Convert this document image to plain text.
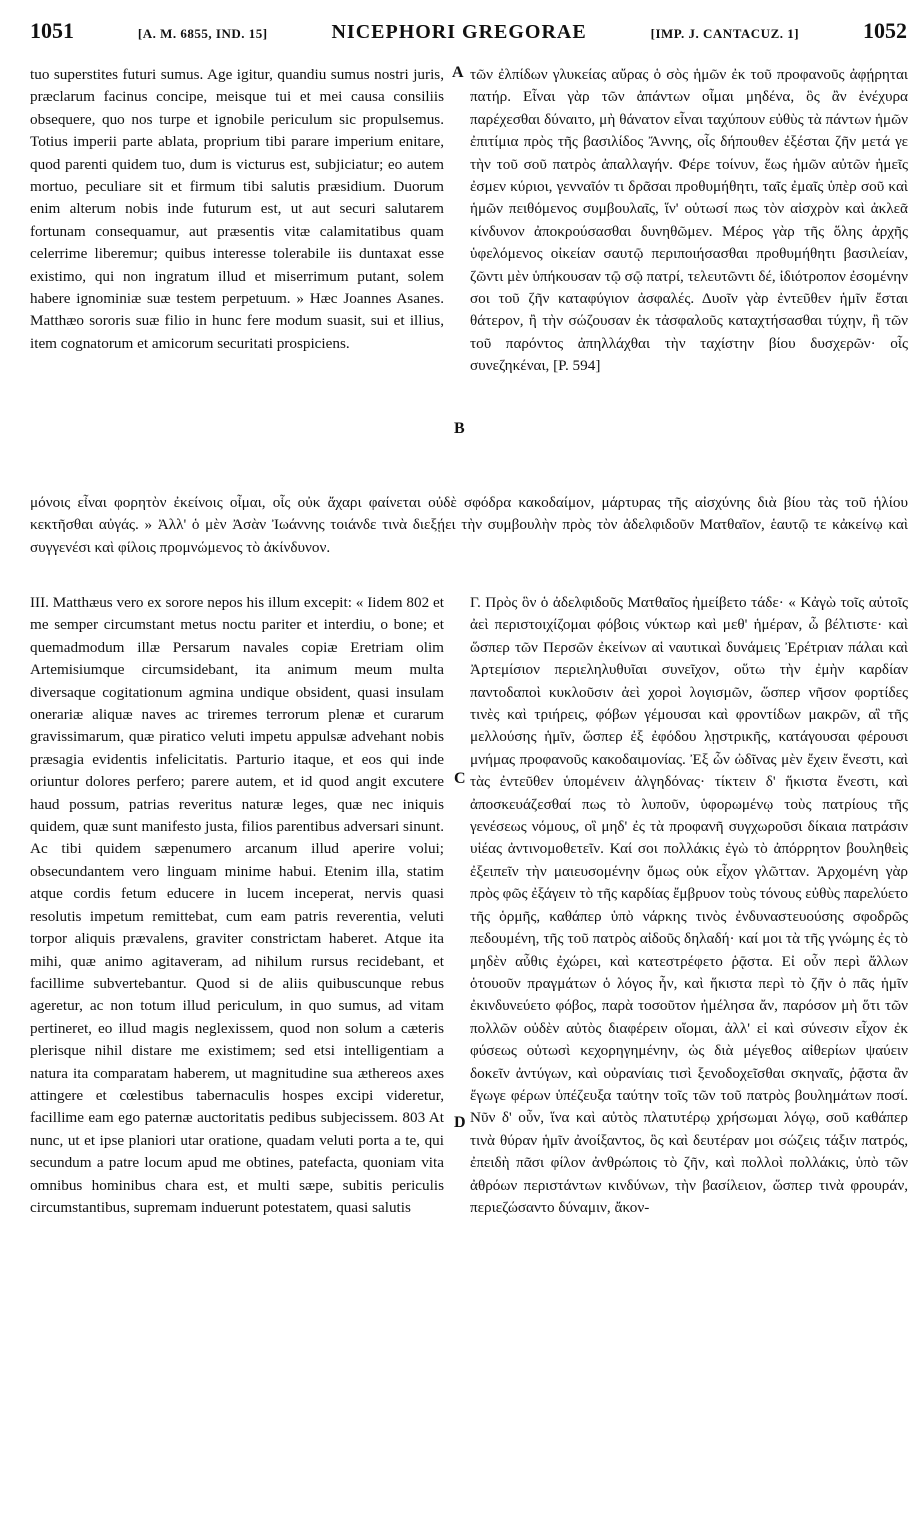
1051	[A. M. 6855, IND. 15]	NICEPHORI GREGORAE	[IMP. J. CANTACUZ. 1]	1052

tuo superstites futuri sumus. Age igitur, quandiu sumus nostri juris, præclarum facinus concipe, meisque tui et mei causa consiliis obsequere, quo nos turpe et ignobile periculum sic propulsemus. Totius imperii parte ablata, proprium tibi parare imperium enitare, quod parenti quidem tuo, dum is victurus est, subjiciatur; eo autem mortuo, peculiare sit et firmum tibi salutis præsidium. Duorum enim alterum nobis inde futurum est, ut aut securi salutarem fortunam consequamur, aut præsentis vitæ calamitatibus quam celerrime liberemur; quibus interesse tolerabile iis duntaxat esse existimo, qui non ingratum illud et miserrimum putant, solem habere ignominiæ suæ testem perpetuum. » Hæc Joannes Asanes. Matthæo sororis suæ filio in hunc fere modum suasit, sui et illius, item cognatorum et amicorum securitati prospiciens.

τῶν ἐλπίδων γλυκείας αὔρας ὁ σὸς ἡμῶν ἐκ τοῦ προφανοῦς ἀφῄρηται πατήρ. Εἶναι γὰρ τῶν ἀπάντων οἶμαι μηδένα, ὃς ἂν ἐνέχυρα παρέχεσθαι δύναιτο, μὴ θάνατον εἶναι ταχύπουν εὐθὺς τὰ πάντων ἡμῶν ἐπιτίμια πρὸς τῆς βασιλίδος Ἄννης, οἷς δήπουθεν ἐξέσται ζῆν μετά γε τὴν τοῦ σοῦ πατρὸς ἀπαλλαγήν. Φέρε τοίνυν, ἕως ἡμῶν αὐτῶν ἡμεῖς ἐσμεν κύριοι, γενναῖόν τι δρᾶσαι προθυμήθητι, ταῖς ἐμαῖς ὑπὲρ σοῦ καὶ ἡμῶν πειθόμενος συμβουλαῖς, ἵν' οὑτωσί πως τὸν αἰσχρὸν καὶ ἀκλεᾶ κίνδυνον ἀποκρούσασθαι δυνηθῶμεν. Μέρος γὰρ τῆς ὅλης ἀρχῆς ὑφελόμενος οἰκείαν σαυτῷ περιποιήσασθαι προθυμήθητι βασιλείαν, ζῶντι μὲν ὑπήκουσαν τῷ σῷ πατρί, τελευτῶντι δέ, ἰδιότροπον ἐσομένην σοι τοῦ ζῆν καταφύγιον ἀσφαλές. Δυοῖν γὰρ ἐντεῦθεν ἡμῖν ἔσται θάτερον, ἢ τὴν σώζουσαν ἐκ τἀσφαλοῦς καταχτήσασθαι τύχην, ἢ τῶν τοῦ παρόντος ἀπηλλάχθαι τὴν ταχίστην βίου δυσχερῶν· οἷς συνεζηκέναι, [P. 594]

μόνοις εἶναι φορητὸν ἐκείνοις οἶμαι, οἷς οὐκ ἄχαρι φαίνεται οὐδὲ σφόδρα κακοδαίμον, μάρτυρας τῆς αἰσχύνης διὰ βίου τὰς τοῦ ἡλίου κεκτῆσθαι αὐγάς. » Ἀλλ' ὁ μὲν Ἀσὰν Ἰωάννης τοιάνδε τινὰ διεξῄει τὴν συμβουλὴν πρὸς τὸν ἀδελφιδοῦν Ματθαῖον, ἑαυτῷ τε κἀκείνῳ καὶ συγγενέσι καὶ φίλοις προμνώμενος τὸ ἀκίνδυνον.

III. Matthæus vero ex sorore nepos his illum excepit: « Iidem 802 et me semper circumstant metus noctu pariter et interdiu, o bone; et quemadmodum illæ Persarum navales copiæ Eretriam olim Artemisiumque circumsidebant, ita animum meum multa diversaque cogitationum agmina undique obsident, quasi insulam onerariæ aliquæ naves ac triremes terrorum plenæ et curarum gravissimarum, quæ piratico veluti impetu appulsæ advehant nobis præsagia evidentis infelicitatis. Parturio itaque, et eos qui inde oriuntur dolores perfero; parere autem, et id quod angit excutere haud possum, patrias reveritus naturæ leges, quæ nec iniquis quidem, quæ sunt manifesto justa, filios parentibus adversari sinunt. Ac tibi quidem sæpenumero arcanum illud aperire volui; obsecundantem vero linguam minime habui. Etenim illa, statim atque cordis fetum educere in lucem inceperat, nervis quasi resolutis impetum remittebat, cum eam patris reverentia, veluti torpor aliquis prævalens, graviter constrictam haberet. Atque ita mihi, quæ animo agitaveram, ad nihilum rursus recidebant, et facillime subvertebantur. Quod si de aliis quibuscunque rebus ageretur, ac non totum illud periculum, in quo sumus, ad vitam pertineret, eo illud magis neglexissem, quod non solum a cæteris plerisque nihil distare me existimem; sed etsi intelligentiam a natura ita comparatam haberem, ut magnitudine sua æthereos axes attingere et cœlestibus tabernaculis hospes excipi videretur, facillime eam ego paternæ auctoritatis pedibus subjecissem. 803 At nunc, ut et ipse planiori utar oratione, quadam veluti porta a te, qui secundum a patre locum apud me obtines, patefacta, quoniam vita omnibus hominibus chara est, et multi sæpe, subitis periculis circumstantibus, supremam induerunt potestatem, quasi salutis

Γ. Πρὸς ὃν ὁ ἀδελφιδοῦς Ματθαῖος ἠμείβετο τάδε· « Κἀγὼ τοῖς αὐτοῖς ἀεὶ περιστοιχίζομαι φόβοις νύκτωρ καὶ μεθ' ἡμέραν, ὦ βέλτιστε· καὶ ὥσπερ τῶν Περσῶν ἐκείνων αἱ ναυτικαὶ δυνάμεις Ἐρέτριαν πάλαι καὶ Ἀρτεμίσιον περιεληλυθυῖαι συνεῖχον, οὕτω τὴν ἐμὴν καρδίαν παντοδαποὶ κυκλοῦσιν ἀεὶ χοροὶ λογισμῶν, ὥσπερ νῆσον φορτίδες τινὲς καὶ τριήρεις, φόβων γέμουσαι καὶ φροντίδων μακρῶν, αἳ τῆς μελλούσης ἡμῖν, ὥσπερ ἐξ ἐφόδου λῃστρικῆς, κατάγουσαι φέρουσι μνήμας προφανοῦς κακοδαιμονίας. Ἐξ ὧν ὠδῖνας μὲν ἔχειν ἔνεστι, καὶ τὰς ἐντεῦθεν ὑπομένειν ἀλγηδόνας· τίκτειν δ' ἥκιστα ἔνεστι, καὶ ἀποσκευάζεσθαί πως τὸ λυποῦν, ὑφορωμένῳ τοὺς πατρίους τῆς γενέσεως νόμους, οἳ μηδ' ἐς τὰ προφανῆ συγχωροῦσι δίκαια πατράσιν υἱέας ἀντινομοθετεῖν. Καί σοι πολλάκις ἐγὼ τὸ ἀπόρρητον βουληθεὶς ἐξειπεῖν τὴν μαιευσομένην ὅμως οὐκ εἶχον γλῶτταν. Ἀρχομένη γὰρ πρὸς φῶς ἐξάγειν τὸ τῆς καρδίας ἔμβρυον τοὺς τόνους εὐθὺς παρελύετο τῆς ὁρμῆς, καθάπερ ὑπὸ νάρκης τινὸς ἐνδυναστευούσης σφοδρῶς πεδουμένη, τῆς τοῦ πατρὸς αἰδοῦς δηλαδή· καί μοι τὰ τῆς γνώμης ἐς τὸ μηδὲν αὖθις ἐχώρει, καὶ κατεστρέφετο ῥᾷστα. Εἰ οὖν περὶ ἄλλων ὁτουοῦν πραγμάτων ὁ λόγος ἦν, καὶ ἥκιστα περὶ τὸ ζῆν ὁ πᾶς ἡμῖν ἐκινδυνεύετο φόβος, παρὰ τοσοῦτον ἠμέλησα ἄν, παρόσον μὴ ὅτι τῶν πολλῶν οὐδὲν αὐτὸς διαφέρειν οἴομαι, ἀλλ' εἰ καὶ σύνεσιν εἶχον ἐκ φύσεως οὑτωσὶ κεχορηγημένην, ὡς διὰ μέγεθος αἰθερίων ψαύειν δοκεῖν ἀντύγων, καὶ οὐρανίαις τισὶ ξενοδοχεῖσθαι σκηναῖς, ῥᾷστα ἂν ἔγωγε φέρων ὑπέζευξα ταύτην τοῖς τῶν τοῦ πατρὸς βουλημάτων ποσί. Νῦν δ' οὖν, ἵνα καὶ αὐτὸς πλατυτέρῳ χρήσωμαι λόγῳ, σοῦ καθάπερ τινὰ θύραν ἡμῖν ἀνοίξαντος, ὃς καὶ δευτέραν μοι σώζεις τάξιν πατρός, ἐπειδὴ πᾶσι φίλον ἀνθρώποις τὸ ζῆν, καὶ πολλοὶ πολλάκις, ὑπὸ τῶν ἀθρόων περιστάντων κινδύνων, τὴν βασίλειον, ὥσπερ τινὰ φρουράν, περιεζώσαντο δύναμιν, ἄκον-

A
B
C
D
